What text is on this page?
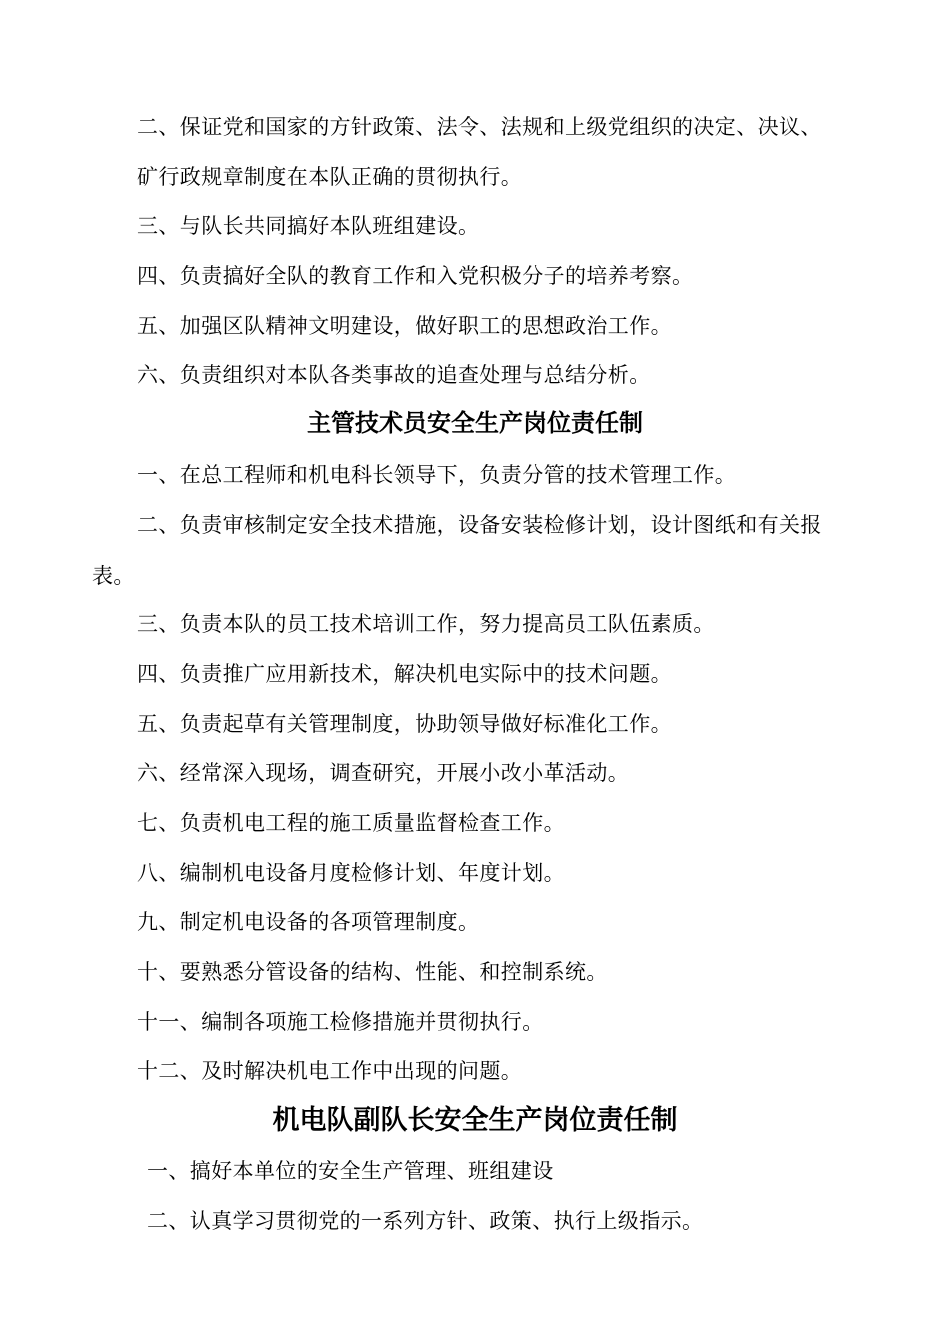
二、保证党和国家的方针政策、法令、法规和上级党组织的决定、决议、
矿行政规章制度在本队正确的贯彻执行。
三、与队长共同搞好本队班组建设。
四、负责搞好全队的教育工作和入党积极分子的培养考察。
五、加强区队精神文明建设，做好职工的思想政治工作。
六、负责组织对本队各类事故的追查处理与总结分析。
主管技术员安全生产岗位责任制
一、在总工程师和机电科长领导下，负责分管的技术管理工作。
二、负责审核制定安全技术措施，设备安装检修计划，设计图纸和有关报
表。
三、负责本队的员工技术培训工作，努力提高员工队伍素质。
四、负责推广应用新技术，解决机电实际中的技术问题。
五、负责起草有关管理制度，协助领导做好标准化工作。
六、经常深入现场，调查研究，开展小改小革活动。
七、负责机电工程的施工质量监督检查工作。
八、编制机电设备月度检修计划、年度计划。
九、制定机电设备的各项管理制度。
十、要熟悉分管设备的结构、性能、和控制系统。
十一、编制各项施工检修措施并贯彻执行。
十二、及时解决机电工作中出现的问题。
机电队副队长安全生产岗位责任制
一、搞好本单位的安全生产管理、班组建设
二、认真学习贯彻党的一系列方针、政策、执行上级指示。
